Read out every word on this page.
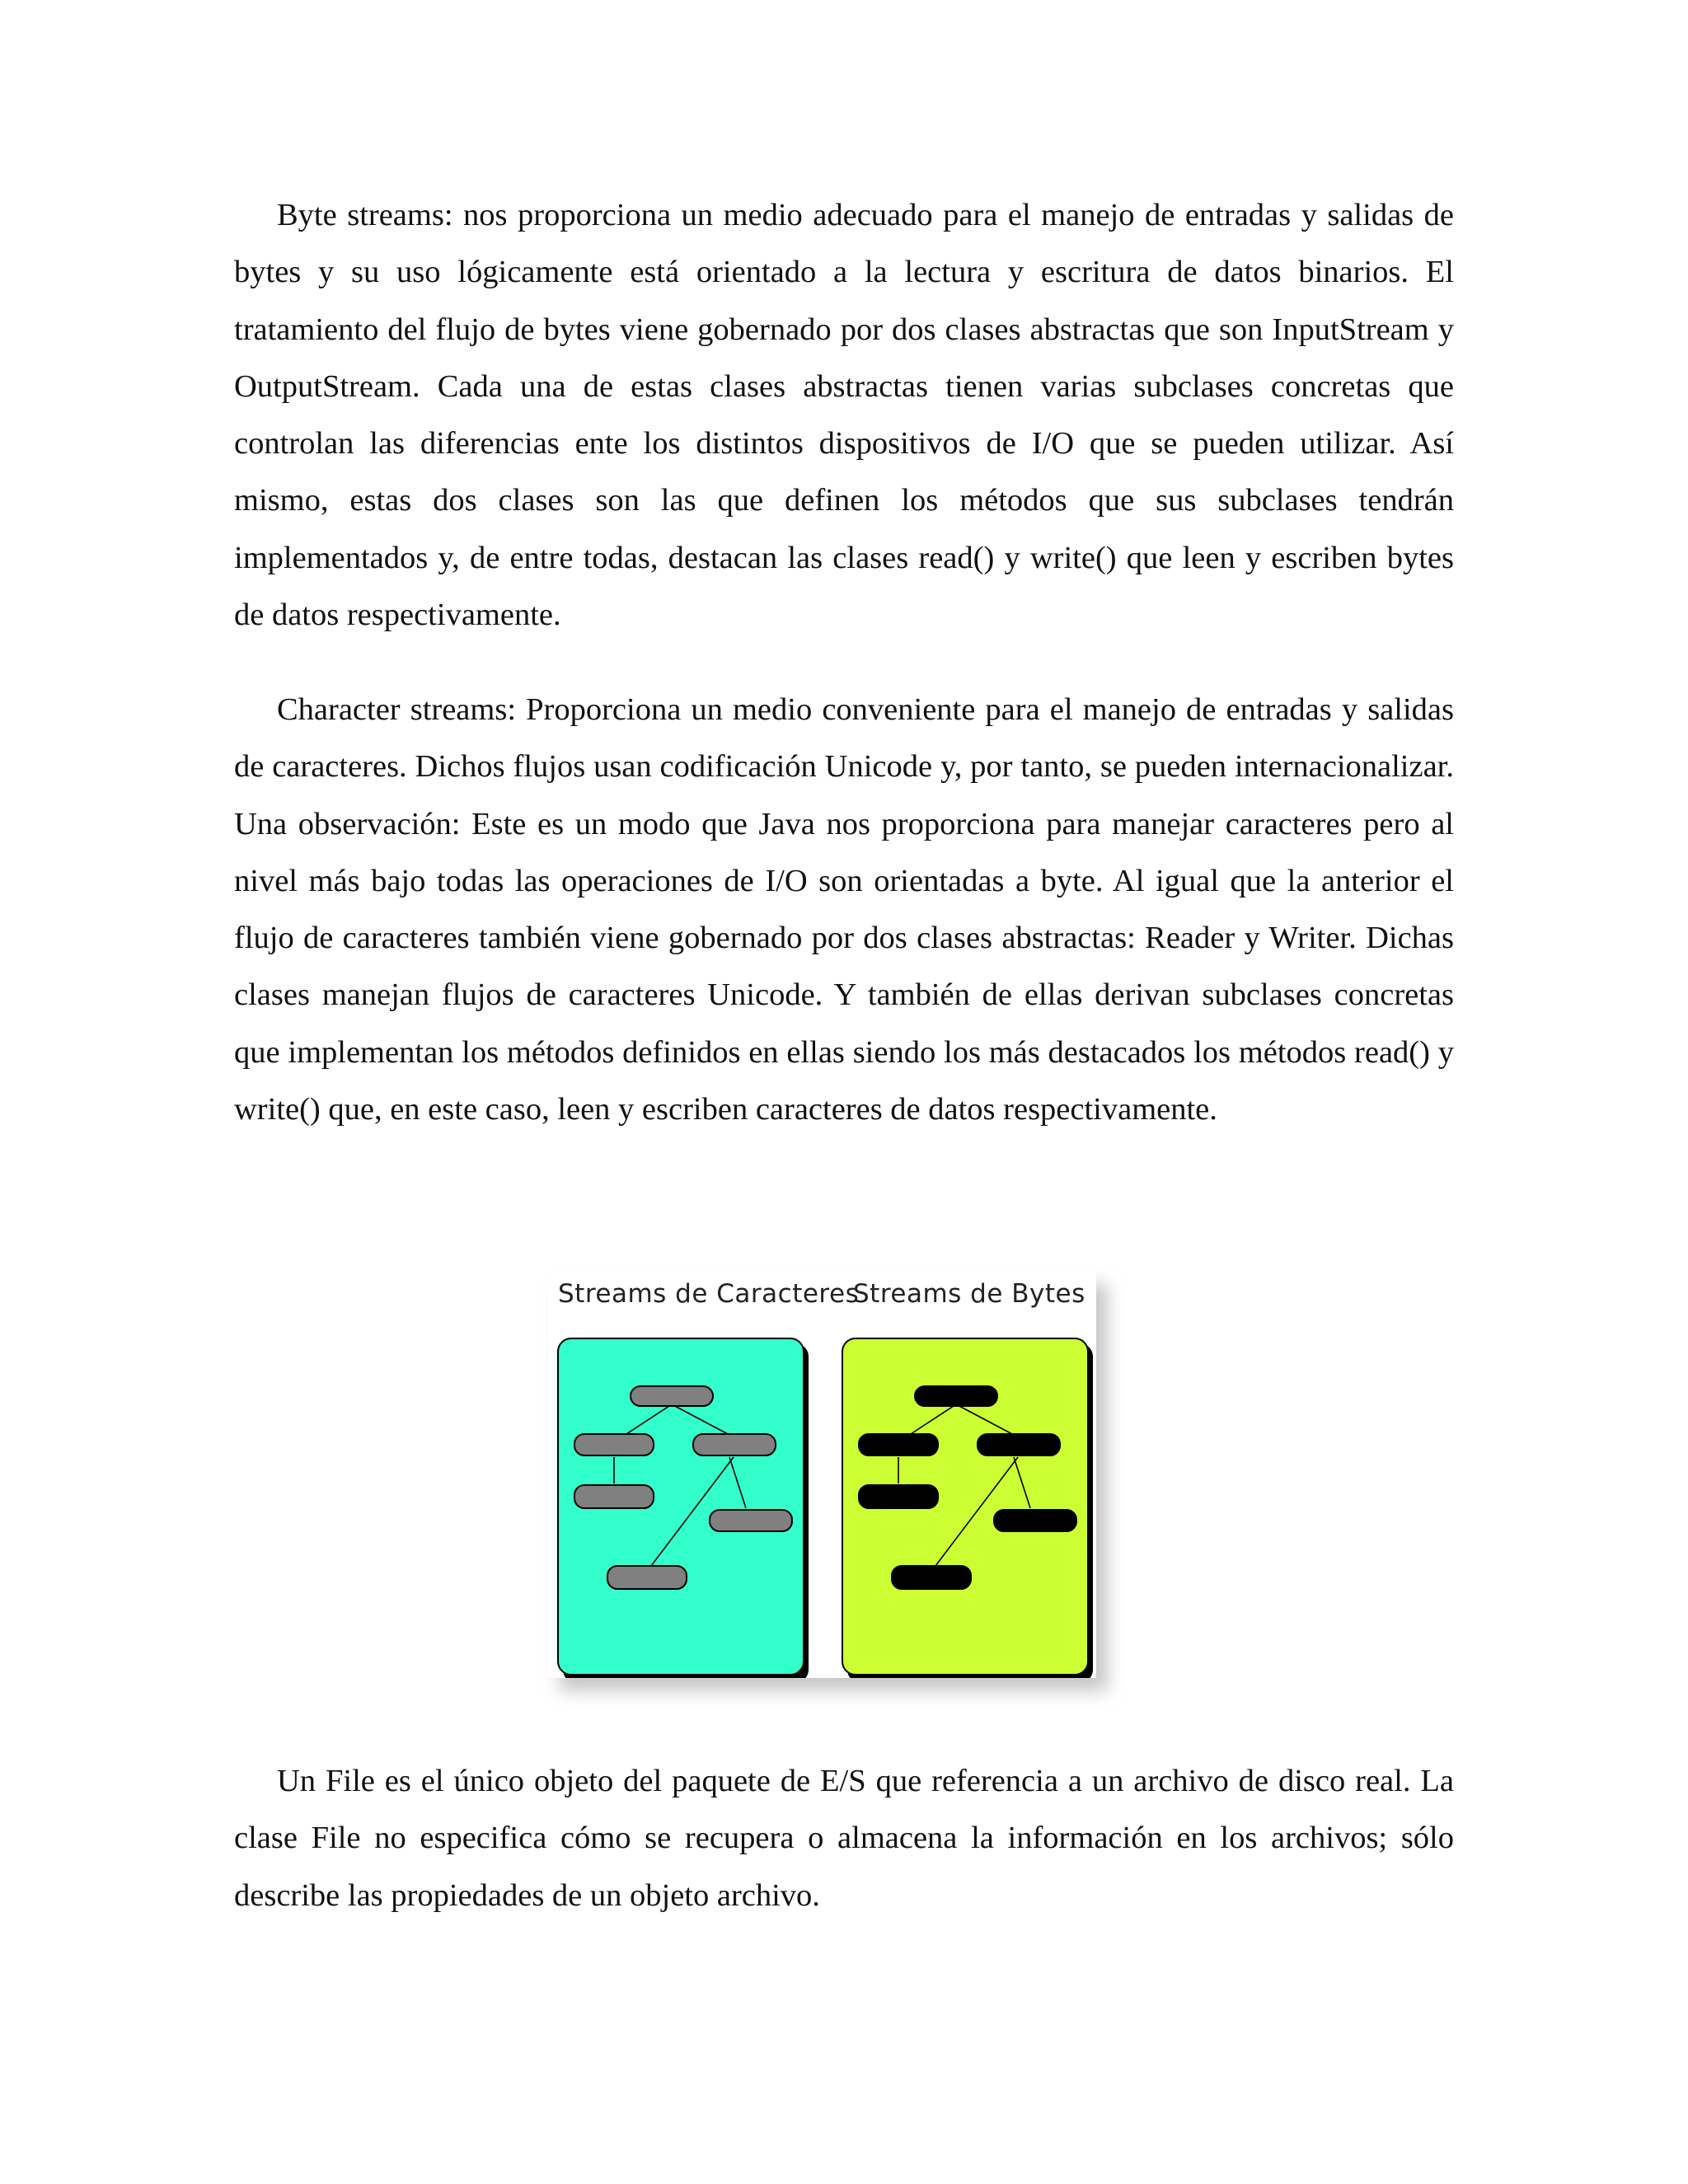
Byte streams: nos proporciona un medio adecuado para el manejo de entradas y salidas de bytes y su uso lógicamente está orientado a la lectura y escritura de datos binarios. El tratamiento del flujo de bytes viene gobernado por dos clases abstractas que son InputStream y OutputStream. Cada una de estas clases abstractas tienen varias subclases concretas que controlan las diferencias ente los distintos dispositivos de I/O que se pueden utilizar. Así mismo, estas dos clases son las que definen los métodos que sus subclases tendrán implementados y, de entre todas, destacan las clases read() y write() que leen y escriben bytes de datos respectivamente.

Character streams: Proporciona un medio conveniente para el manejo de entradas y salidas de caracteres. Dichos flujos usan codificación Unicode y, por tanto, se pueden internacionalizar. Una observación: Este es un modo que Java nos proporciona para manejar caracteres pero al nivel más bajo todas las operaciones de I/O son orientadas a byte. Al igual que la anterior el flujo de caracteres también viene gobernado por dos clases abstractas: Reader y Writer. Dichas clases manejan flujos de caracteres Unicode. Y también de ellas derivan subclases concretas que implementan los métodos definidos en ellas siendo los más destacados los métodos read() y write() que, en este caso, leen y escriben caracteres de datos respectivamente.

Streams de Caracteres
Streams de Bytes

Un File es el único objeto del paquete de E/S que referencia a un archivo de disco real. La clase File no especifica cómo se recupera o almacena la información en los archivos; sólo describe las propiedades de un objeto archivo.
